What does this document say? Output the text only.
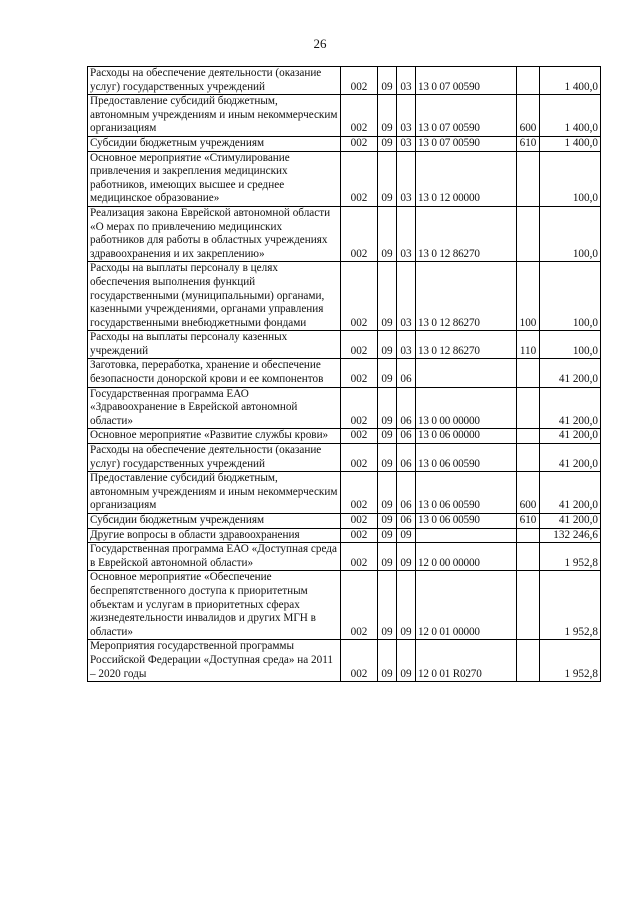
26
Расходы на обеспечение деятельности (оказание услуг) государственных учреждений	002	09	03	13 0 07 00590		1 400,0
Предоставление субсидий бюджетным, автономным учреждениям и иным некоммерческим организациям	002	09	03	13 0 07 00590	600	1 400,0
Субсидии бюджетным учреждениям	002	09	03	13 0 07 00590	610	1 400,0
Основное мероприятие «Стимулирование привлечения и закрепления медицинских работников, имеющих высшее и среднее медицинское образование»	002	09	03	13 0 12 00000		100,0
Реализация закона Еврейской автономной области «О мерах по привлечению медицинских работников для работы в областных учреждениях здравоохранения и их закреплению»	002	09	03	13 0 12 86270		100,0
Расходы на выплаты персоналу в целях обеспечения выполнения функций государственными (муниципальными) органами, казенными учреждениями, органами управления государственными внебюджетными фондами	002	09	03	13 0 12 86270	100	100,0
Расходы на выплаты персоналу казенных учреждений	002	09	03	13 0 12 86270	110	100,0
Заготовка, переработка, хранение и обеспечение безопасности донорской крови и ее компонентов	002	09	06			41 200,0
Государственная программа ЕАО «Здравоохранение в Еврейской автономной области»	002	09	06	13 0 00 00000		41 200,0
Основное мероприятие «Развитие службы крови»	002	09	06	13 0 06 00000		41 200,0
Расходы на обеспечение деятельности (оказание услуг) государственных учреждений	002	09	06	13 0 06 00590		41 200,0
Предоставление субсидий бюджетным, автономным учреждениям и иным некоммерческим организациям	002	09	06	13 0 06 00590	600	41 200,0
Субсидии бюджетным учреждениям	002	09	06	13 0 06 00590	610	41 200,0
Другие вопросы в области здравоохранения	002	09	09			132 246,6
Государственная программа ЕАО «Доступная среда в Еврейской автономной области»	002	09	09	12 0 00 00000		1 952,8
Основное мероприятие «Обеспечение беспрепятственного доступа к приоритетным объектам и услугам в приоритетных сферах жизнедеятельности инвалидов и других МГН в области»	002	09	09	12 0 01 00000		1 952,8
Мероприятия государственной программы Российской Федерации «Доступная среда» на 2011 – 2020 годы	002	09	09	12 0 01 R0270		1 952,8
